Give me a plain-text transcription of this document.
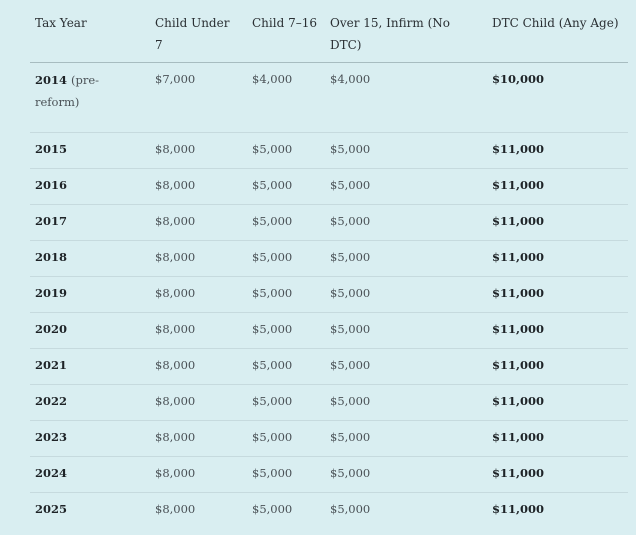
Tax Year	Child Under 7	Child 7–16	Over 15, Infirm (No DTC)	DTC Child (Any Age)
2014 (pre-reform)	$7,000	$4,000	$4,000	$10,000
2015	$8,000	$5,000	$5,000	$11,000
2016	$8,000	$5,000	$5,000	$11,000
2017	$8,000	$5,000	$5,000	$11,000
2018	$8,000	$5,000	$5,000	$11,000
2019	$8,000	$5,000	$5,000	$11,000
2020	$8,000	$5,000	$5,000	$11,000
2021	$8,000	$5,000	$5,000	$11,000
2022	$8,000	$5,000	$5,000	$11,000
2023	$8,000	$5,000	$5,000	$11,000
2024	$8,000	$5,000	$5,000	$11,000
2025	$8,000	$5,000	$5,000	$11,000
